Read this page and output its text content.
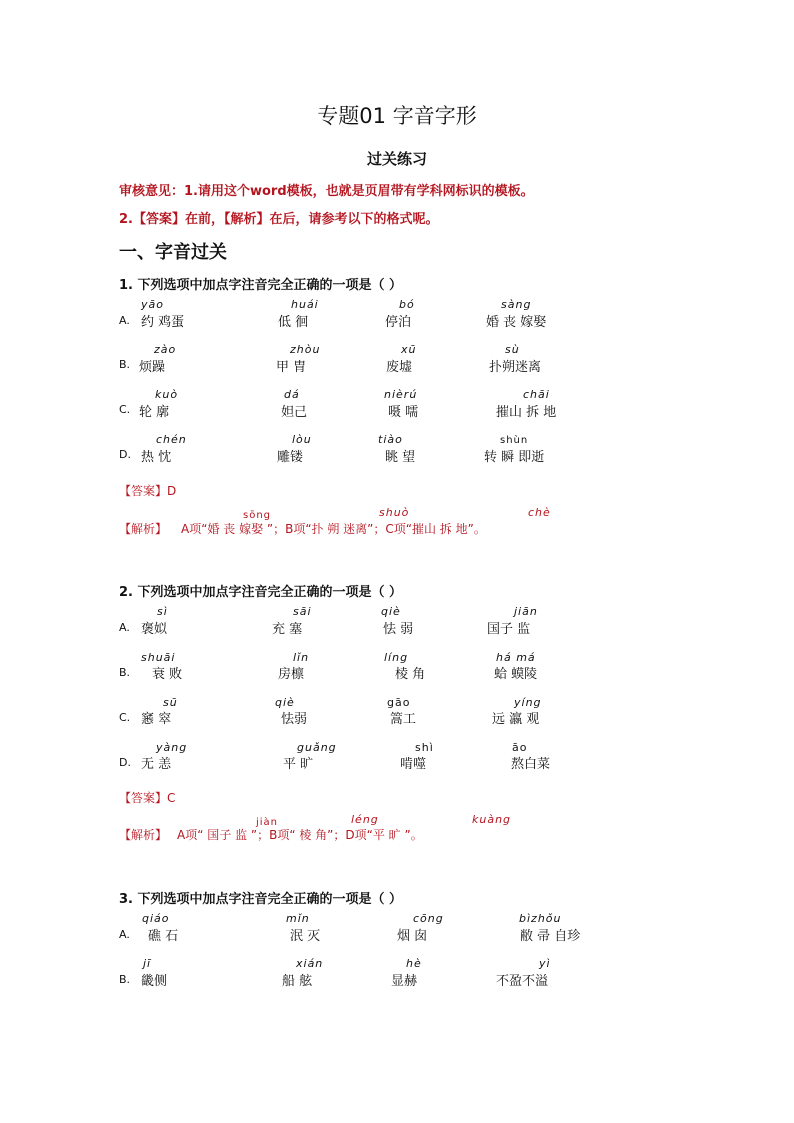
专题01 字音字形
过关练习
审核意见：1.请用这个word模板，也就是页眉带有学科网标识的模板。
2.【答案】在前，【解析】在后，请参考以下的格式呢。
一、字音过关
1. 下列选项中加点字注音完全正确的一项是（ ）
A.
yāo
约 鸡蛋
huái
低 徊
bó
停泊
sàng
婚 丧 嫁娶
B.
zào
烦躁
zhòu
甲 胄
xū
废墟
sù
扑朔迷离
C.
kuò
轮 廓
dá
妲己
nièrú
嗫 嚅
chāi
摧山 拆 地
D.
chén
热 忱
lòu
雕镂
tiào
眺 望
shùn
转 瞬 即逝
【答案】D
sōng	shuò	chè
【解析】 A项“婚 丧 嫁娶 ”；B项“扑 朔 迷离”；C项“摧山 拆 地”。
2. 下列选项中加点字注音完全正确的一项是（ ）
A.
sì
褒姒
sāi
充 塞
qiè
怯 弱
jiān
国子 监
B.
shuāi
衰 败
lǐn
房檩
líng
棱 角
há má
蛤 蟆陵
C.
sū
窸 窣
qiè
怯弱
gāo
篙工
yíng
远 瀛 观
D.
yàng
无 恙
guǎng
平 旷
shì
啃噬
āo
熬白菜
【答案】C
jiàn	léng	kuàng
【解析】 A项“ 国子 监 ”；B项“ 棱 角”；D项“平 旷 ”。
3. 下列选项中加点字注音完全正确的一项是（ ）
A.
qiáo
礁 石
mǐn
泯 灭
cōng
烟 囱
bìzhǒu
敝 帚 自珍
B.
jī
畿侧
xián
船 舷
hè
显赫
yì
不盈不溢
